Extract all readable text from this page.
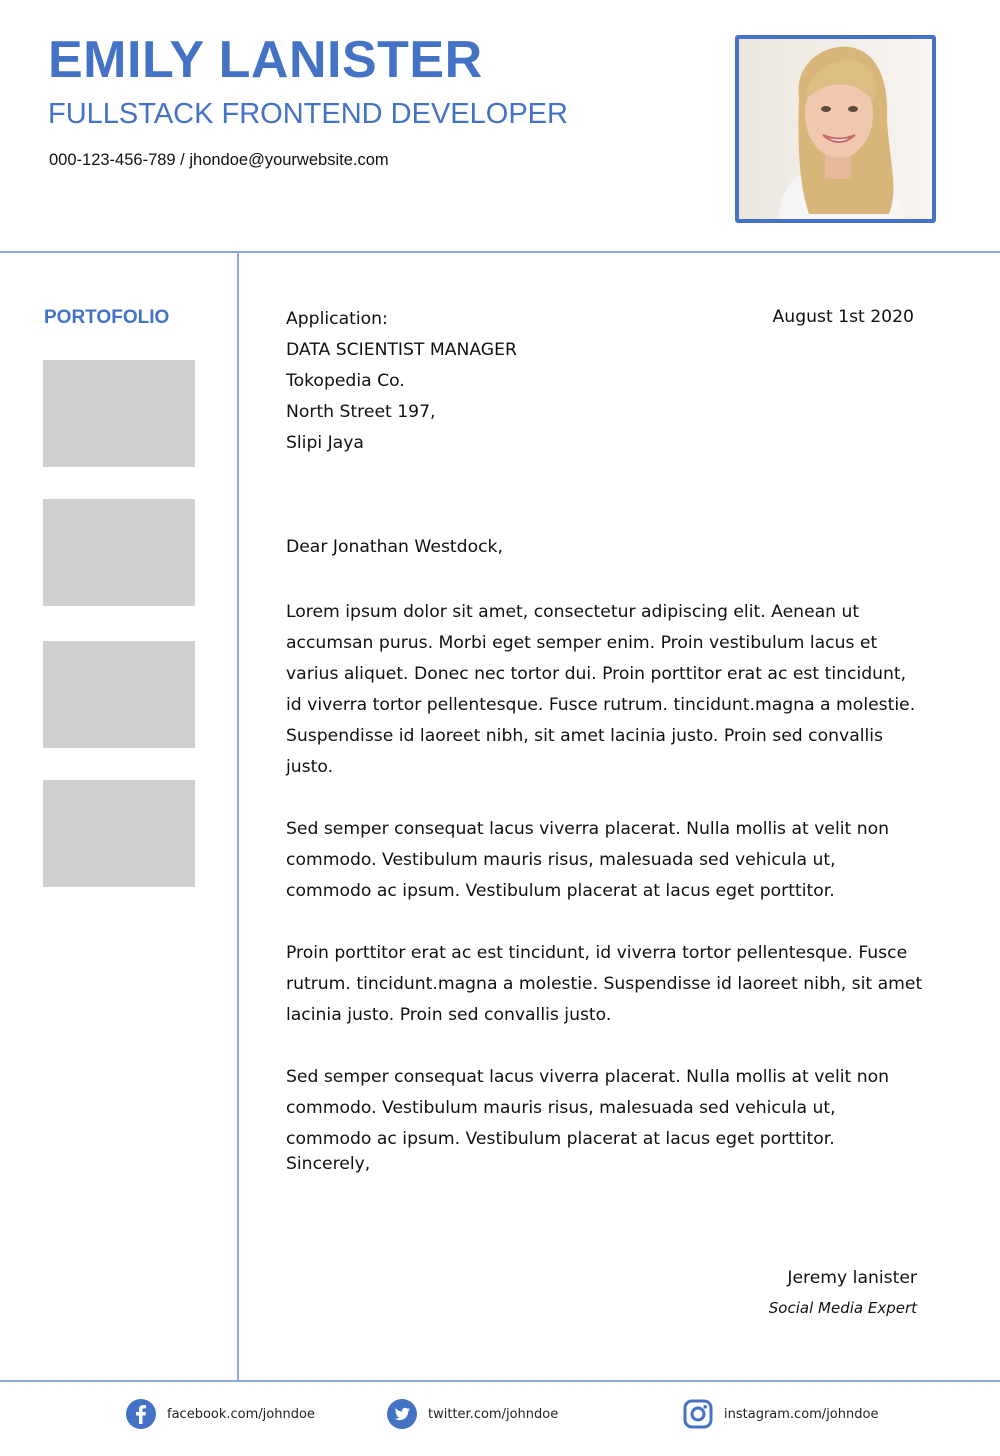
EMILY LANISTER
FULLSTACK FRONTEND DEVELOPER
000-123-456-789 / jhondoe@yourwebsite.com
PORTOFOLIO	August 1st 2020
Application:
DATA SCIENTIST MANAGER
Tokopedia Co.
North Street 197,
Slipi Jaya
Dear Jonathan Westdock,

Lorem ipsum dolor sit amet, consectetur adipiscing elit. Aenean ut accumsan purus. Morbi eget semper enim. Proin vestibulum lacus et varius aliquet. Donec nec tortor dui. Proin porttitor erat ac est tincidunt, id viverra tortor pellentesque. Fusce rutrum. tincidunt.magna a molestie. Suspendisse id laoreet nibh, sit amet lacinia justo. Proin sed convallis justo.

Sed semper consequat lacus viverra placerat. Nulla mollis at velit non commodo. Vestibulum mauris risus, malesuada sed vehicula ut, commodo ac ipsum. Vestibulum placerat at lacus eget porttitor.

Proin porttitor erat ac est tincidunt, id viverra tortor pellentesque. Fusce rutrum. tincidunt.magna a molestie. Suspendisse id laoreet nibh, sit amet lacinia justo. Proin sed convallis justo.

Sed semper consequat lacus viverra placerat. Nulla mollis at velit non commodo. Vestibulum mauris risus, malesuada sed vehicula ut, commodo ac ipsum. Vestibulum placerat at lacus eget porttitor.

Sincerely,
Jeremy lanister
Social Media Expert
facebook.com/johndoe	twitter.com/johndoe	instagram.com/johndoe
